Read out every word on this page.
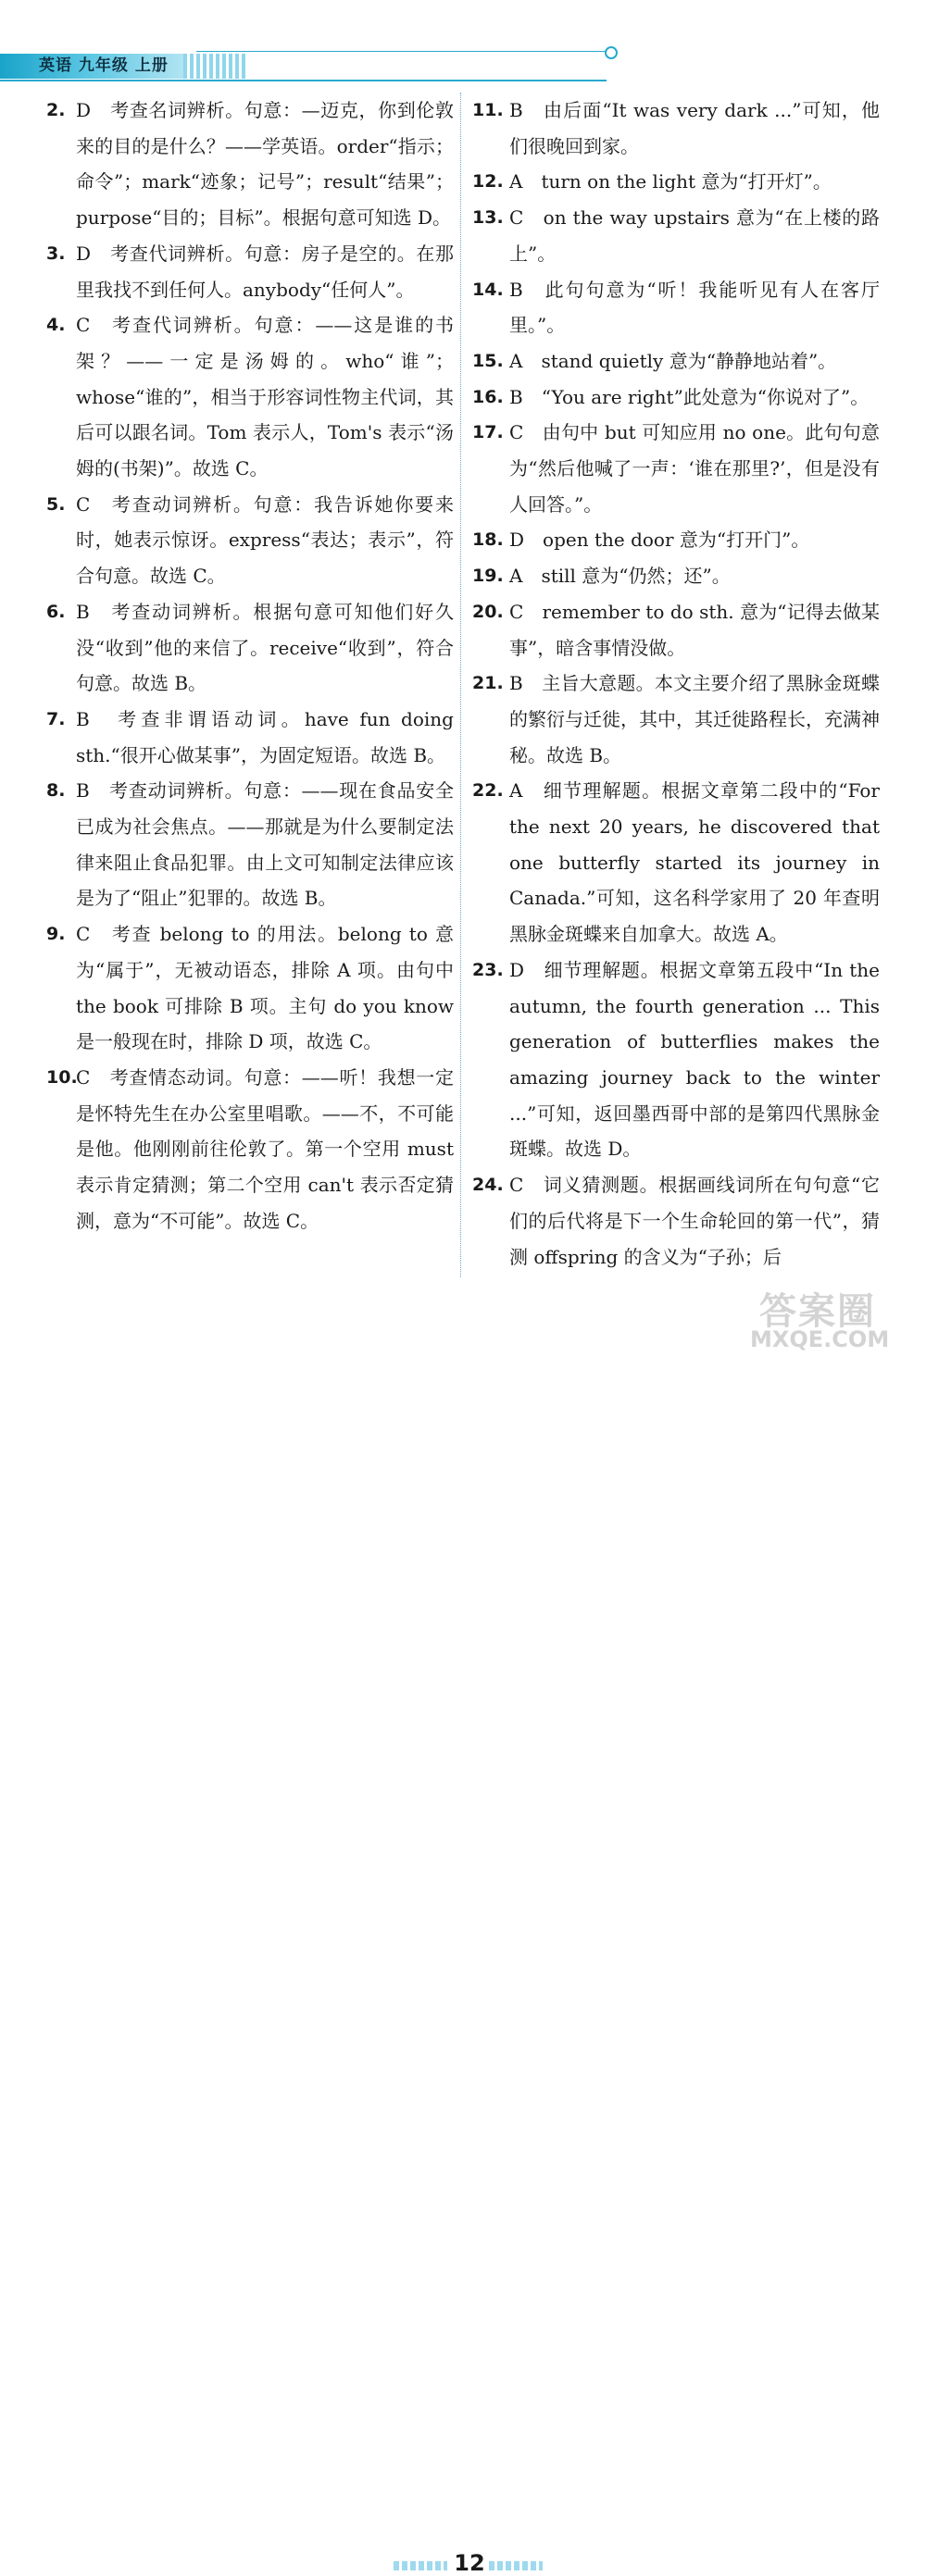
英语 九年级 上册
2. D　考查名词辨析。句意：—迈克，你到伦敦来的目的是什么？——学英语。order“指示；命令”；mark“迹象；记号”；result“结果”；purpose“目的；目标”。根据句意可知选 D。
3. D　考查代词辨析。句意：房子是空的。在那里我找不到任何人。anybody“任何人”。
4. C　考查代词辨析。句意：——这是谁的书架？——一定是汤姆的。who“谁”；whose“谁的”，相当于形容词性物主代词，其后可以跟名词。Tom 表示人，Tom's 表示“汤姆的(书架)”。故选 C。
5. C　考查动词辨析。句意：我告诉她你要来时，她表示惊讶。express“表达；表示”，符合句意。故选 C。
6. B　考查动词辨析。根据句意可知他们好久没“收到”他的来信了。receive“收到”，符合句意。故选 B。
7. B　考查非谓语动词。have fun doing sth.“很开心做某事”，为固定短语。故选 B。
8. B　考查动词辨析。句意：——现在食品安全已成为社会焦点。——那就是为什么要制定法律来阻止食品犯罪。由上文可知制定法律应该是为了“阻止”犯罪的。故选 B。
9. C　考查 belong to 的用法。belong to 意为“属于”，无被动语态，排除 A 项。由句中 the book 可排除 B 项。主句 do you know 是一般现在时，排除 D 项，故选 C。
10.
C　考查情态动词。句意：——听！我想一定是怀特先生在办公室里唱歌。——不，不可能是他。他刚刚前往伦敦了。第一个空用 must 表示肯定猜测；第二个空用 can't 表示否定猜测，意为“不可能”。故选 C。
11. B　由后面“It was very dark ...”可知，他们很晚回到家。
12. A　turn on the light 意为“打开灯”。
13. C　on the way upstairs 意为“在上楼的路上”。
14. B　此句句意为“听！我能听见有人在客厅里。”。
15. A　stand quietly 意为“静静地站着”。
16. B　“You are right”此处意为“你说对了”。
17. C　由句中 but 可知应用 no one。此句句意为“然后他喊了一声：‘谁在那里?’，但是没有人回答。”。
18. D　open the door 意为“打开门”。
19. A　still 意为“仍然；还”。
20. C　remember to do sth. 意为“记得去做某事”，暗含事情没做。
21. B　主旨大意题。本文主要介绍了黑脉金斑蝶的繁衍与迁徙，其中，其迁徙路程长，充满神秘。故选 B。
22. A　细节理解题。根据文章第二段中的“For the next 20 years, he discovered that one butterfly started its journey in Canada.”可知，这名科学家用了 20 年查明黑脉金斑蝶来自加拿大。故选 A。
23. D　细节理解题。根据文章第五段中“In the autumn, the fourth generation ... This generation of butterflies makes the amazing journey back to the winter ...”可知，返回墨西哥中部的是第四代黑脉金斑蝶。故选 D。
24. C　词义猜测题。根据画线词所在句句意“它们的后代将是下一个生命轮回的第一代”，猜测 offspring 的含义为“子孙；后
12
答案圈
MXQE.COM
